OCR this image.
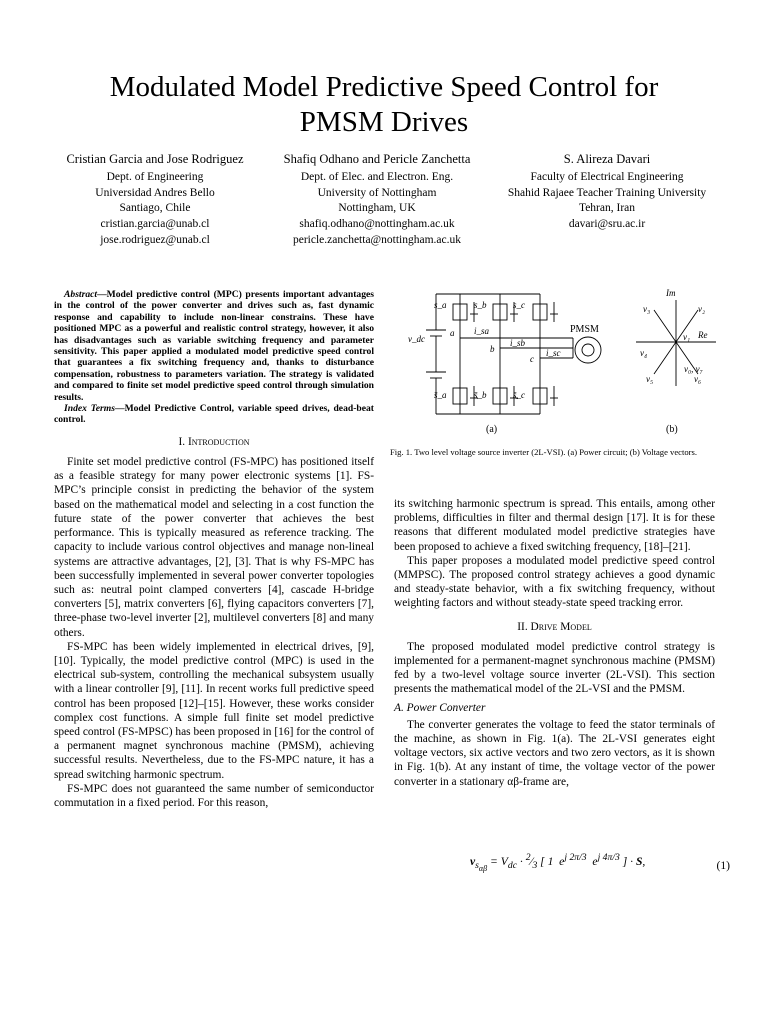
Modulated Model Predictive Speed Control for
PMSM Drives
Cristian Garcia and Jose Rodriguez
Dept. of Engineering
Universidad Andres Bello
Santiago, Chile
cristian.garcia@unab.cl
jose.rodriguez@unab.cl
Shafiq Odhano and Pericle Zanchetta
Dept. of Elec. and Electron. Eng.
University of Nottingham
Nottingham, UK
shafiq.odhano@nottingham.ac.uk
pericle.zanchetta@nottingham.ac.uk
S. Alireza Davari
Faculty of Electrical Engineering
Shahid Rajaee Teacher Training University
Tehran, Iran
davari@sru.ac.ir

Abstract—Model predictive control (MPC) presents important advantages in the control of the power converter and drives such as, fast dynamic response and capability to include non-linear constrains. These have positioned MPC as a powerful and realistic control strategy, however, it also has disadvantages such as variable switching frequency and parameter sensitivity. This paper applied a modulated model predictive speed control that guarantees a fix switching frequency and, thanks to disturbance compensation, robustness to parameters variation. The strategy is validated and compared to finite set model predictive speed control through simulation results.

Index Terms—Model Predictive Control, variable speed drives, dead-beat control.

I. Introduction

Finite set model predictive control (FS-MPC) has positioned itself as a feasible strategy for many power electronic systems [1]. FS-MPC’s principle consist in predicting the behavior of the system based on the mathematical model and selecting in a cost function the future state of the power converter that achieves the best performance. This is typically measured as reference tracking. The capacity to include various control objectives and manage non-lineal systems are attractive advantages, [2], [3]. That is why FS-MPC has been successfully implemented in several power converter topologies such as: neutral point clamped converters [4], cascade H-bridge converters [5], matrix converters [6], flying capacitors converters [7], three-phase two-level inverter [2], multilevel converters [8] and many others.

FS-MPC has been widely implemented in electrical drives, [9], [10]. Typically, the model predictive control (MPC) is used in the electrical sub-system, controlling the mechanical subsystem usually with a linear controller [9], [11]. In recent works full predictive speed control has been proposed [12]–[15]. However, these works consider complex cost functions. A simple full finite set model predictive speed control (FS-MPSC) has been proposed in [16] for the control of a permanent magnet synchronous machine (PMSM), achieving successful results. Nevertheless, due to the FS-MPC nature, it has a spread switching harmonic spectrum.

FS-MPC does not guaranteed the same number of semiconductor commutation in a fixed period. For this reason,

s_a	s_b	s_c
s̄_a	s̄_b	s̄_c
v_dc
a
b
c
i_sa
i_sb
i_sc
Im
Re
v₁
v₂
v₃
v₄
v₅	v₆
v₀, v₇
PMSM
(a)	(b)
Fig. 1. Two level voltage source inverter (2L-VSI). (a) Power circuit; (b) Voltage vectors.

its switching harmonic spectrum is spread. This entails, among other problems, difficulties in filter and thermal design [17]. It is for these reasons that different modulated model predictive strategies have been proposed to achieve a fixed switching frequency, [18]–[21].

This paper proposes a modulated model predictive speed control (MMPSC). The proposed control strategy achieves a good dynamic and steady-state behavior, with a fix switching frequency, without weighting factors and without steady-state speed tracking error.

II. Drive Model

The proposed modulated model predictive control strategy is implemented for a permanent-magnet synchronous machine (PMSM) fed by a two-level voltage source inverter (2L-VSI). This section presents the mathematical model of the 2L-VSI and the PMSM.

A. Power Converter

The converter generates the voltage to feed the stator terminals of the machine, as shown in Fig. 1(a). The 2L-VSI generates eight voltage vectors, six active vectors and two zero vectors, as it is shown in Fig. 1(b). At any instant of time, the voltage vector of the power converter in a stationary αβ-frame are,

$v_{s_{\alpha\beta}} = V_{dc}$ · $^2⁄_3$ [ 1  $e^{j 2\pi/3}$  $e^{j 4\pi/3}$ ] · S,	(1)
